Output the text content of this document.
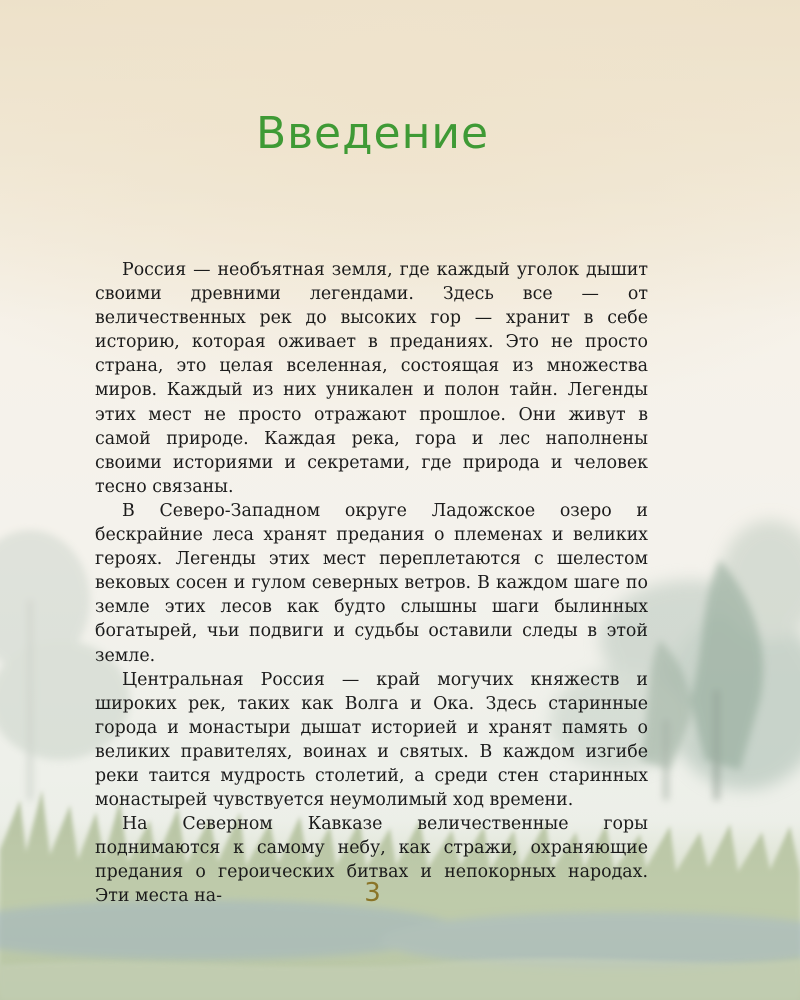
Введение

Россия — необъятная земля, где каждый уголок дышит своими древними легендами. Здесь все — от величественных рек до высоких гор — хранит в себе историю, которая оживает в преданиях. Это не просто страна, это целая вселенная, состоящая из множества миров. Каждый из них уникален и полон тайн. Легенды этих мест не просто отражают прошлое. Они живут в самой природе. Каждая река, гора и лес наполнены своими историями и секретами, где природа и человек тесно связаны.

В Северо-Западном округе Ладожское озеро и бескрайние леса хранят предания о племенах и великих героях. Легенды этих мест переплетаются с шелестом вековых сосен и гулом северных ветров. В каждом шаге по земле этих лесов как будто слышны шаги былинных богатырей, чьи подвиги и судьбы оставили следы в этой земле.

Центральная Россия — край могучих княжеств и широких рек, таких как Волга и Ока. Здесь старинные города и монастыри дышат историей и хранят память о великих правителях, воинах и святых. В каждом изгибе реки таится мудрость столетий, а среди стен старинных монастырей чувствуется неумолимый ход времени.

На Северном Кавказе величественные горы поднимаются к самому небу, как стражи, охраняющие предания о героических битвах и непокорных народах. Эти места на-	3
